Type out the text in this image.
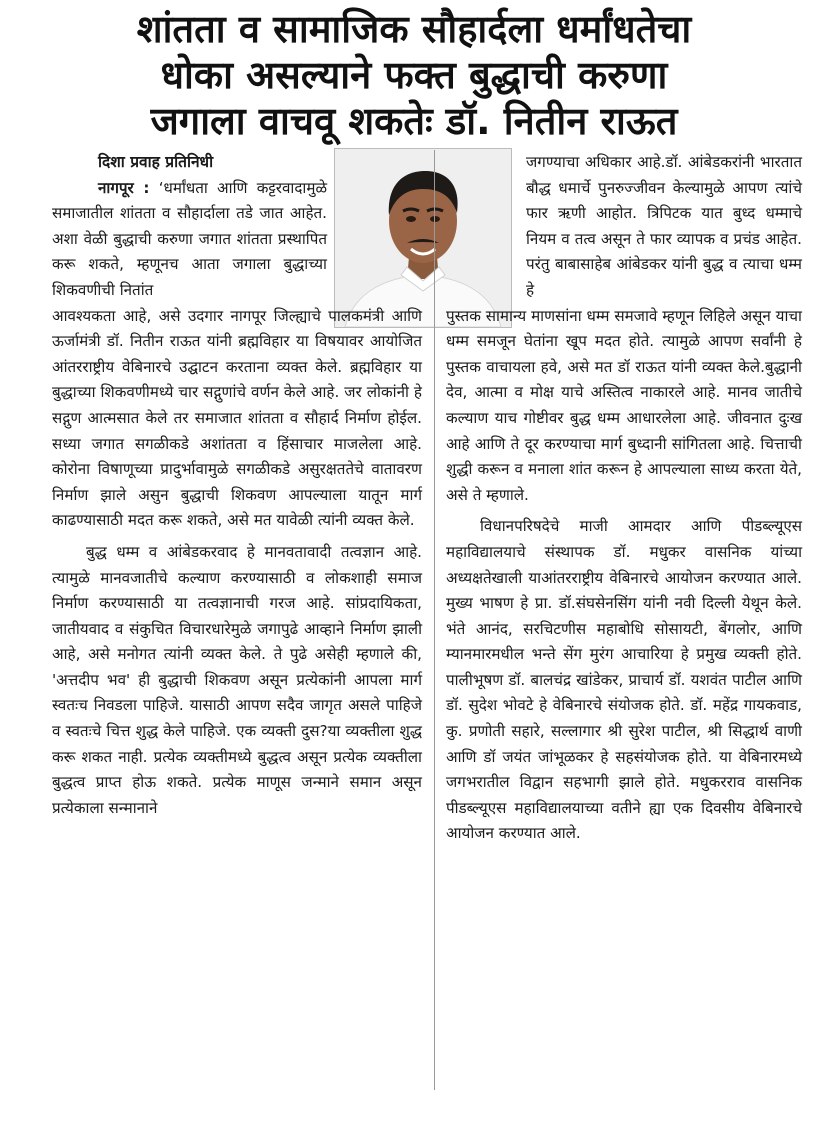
शांतता व सामाजिक सौहार्दला धर्मांधतेचा
धोका असल्याने फक्त बुद्धाची करुणा
जगाला वाचवू शकतेः डॉ. नितीन राऊत
दिशा प्रवाह प्रतिनिधी

नागपूर : ‘धर्मांधता आणि कट्टरवादामुळे समाजातील शांतता व सौहार्दाला तडे जात आहेत. अशा वेळी बुद्धाची करुणा जगात शांतता प्रस्थापित करू शकते, म्हणूनच आता जगाला बुद्धाच्या शिकवणीची नितांत

आवश्यकता आहे, असे उदगार नागपूर जिल्ह्याचे पालकमंत्री आणि ऊर्जामंत्री डॉ. नितीन राऊत यांनी ब्रह्मविहार या विषयावर आयोजित आंतरराष्ट्रीय वेबिनारचे उद्घाटन करताना व्यक्त केले. ब्रह्मविहार या बुद्धाच्या शिकवणीमध्ये चार सद्गुणांचे वर्णन केले आहे. जर लोकांनी हे सद्गुण आत्मसात केले तर समाजात शांतता व सौहार्द निर्माण होईल. सध्या जगात सगळीकडे अशांतता व हिंसाचार माजलेला आहे. कोरोना विषाणूच्या प्रादुर्भावामुळे सगळीकडे असुरक्षततेचे वातावरण निर्माण झाले असुन बुद्धाची शिकवण आपल्याला यातून मार्ग काढण्यासाठी मदत करू शकते, असे मत यावेळी त्यांनी व्यक्त केले.

बुद्ध धम्म व आंबेडकरवाद हे मानवतावादी तत्वज्ञान आहे. त्यामुळे मानवजातीचे कल्याण करण्यासाठी व लोकशाही समाज निर्माण करण्यासाठी या तत्वज्ञानाची गरज आहे. सांप्रदायिकता, जातीयवाद व संकुचित विचारधारेमुळे जगापुढे आव्हाने निर्माण झाली आहे, असे मनोगत त्यांनी व्यक्त केले. ते पुढे असेही म्हणाले की, 'अत्तदीप भव' ही बुद्धाची शिकवण असून प्रत्येकांनी आपला मार्ग स्वतःच निवडला पाहिजे. यासाठी आपण सदैव जागृत असले पाहिजे व स्वतःचे चित्त शुद्ध केले पाहिजे. एक व्यक्ती दुस?या व्यक्तीला शुद्ध करू शकत नाही. प्रत्येक व्यक्तीमध्ये बुद्धत्व असून प्रत्येक व्यक्तीला बुद्धत्व प्राप्त होऊ शकते. प्रत्येक माणूस जन्माने समान असून प्रत्येकाला सन्मानाने

जगण्याचा अधिकार आहे.डॉ. आंबेडकरांनी भारतात बौद्ध धमार्चे पुनरुज्जीवन केल्यामुळे आपण त्यांचे फार ऋणी आहोत. त्रिपिटक यात बुध्द धम्माचे नियम व तत्व असून ते फार व्यापक व प्रचंड आहेत. परंतु बाबासाहेब आंबेडकर यांनी बुद्ध व त्याचा धम्म हे

पुस्तक सामान्य माणसांना धम्म समजावे म्हणून लिहिले असून याचा धम्म समजून घेतांना खूप मदत होते. त्यामुळे आपण सर्वांनी हे पुस्तक वाचायला हवे, असे मत डॉ राऊत यांनी व्यक्त केले.बुद्धानी देव, आत्मा व मोक्ष याचे अस्तित्व नाकारले आहे. मानव जातीचे कल्याण याच गोष्टीवर बुद्ध धम्म आधारलेला आहे. जीवनात दुःख आहे आणि ते दूर करण्याचा मार्ग बुध्दानी सांगितला आहे. चित्ताची शुद्धी करून व मनाला शांत करून हे आपल्याला साध्य करता येते, असे ते म्हणाले.

विधानपरिषदेचे माजी आमदार आणि पीडब्ल्यूएस महाविद्यालयाचे संस्थापक डॉ. मधुकर वासनिक यांच्या अध्यक्षतेखाली याआंतरराष्ट्रीय वेबिनारचे आयोजन करण्यात आले. मुख्य भाषण हे प्रा. डॉ.संघसेनसिंग यांनी नवी दिल्ली येथून केले. भंते आनंद, सरचिटणीस महाबोधि सोसायटी, बेंगलोर, आणि म्यानमारमधील भन्ते सेंग मुरंग आचारिया हे प्रमुख व्यक्ती होते. पालीभूषण डॉ. बालचंद्र खांडेकर, प्राचार्य डॉ. यशवंत पाटील आणि डॉ. सुदेश भोवटे हे वेबिनारचे संयोजक होते. डॉ. महेंद्र गायकवाड, कु. प्रणोती सहारे, सल्लागार श्री सुरेश पाटील, श्री सिद्धार्थ वाणी आणि डॉ जयंत जांभूळकर हे सहसंयोजक होते. या वेबिनारमध्ये जगभरातील विद्वान सहभागी झाले होते. मधुकरराव वासनिक पीडब्ल्यूएस महाविद्यालयाच्या वतीने ह्या एक दिवसीय वेबिनारचे आयोजन करण्यात आले.
